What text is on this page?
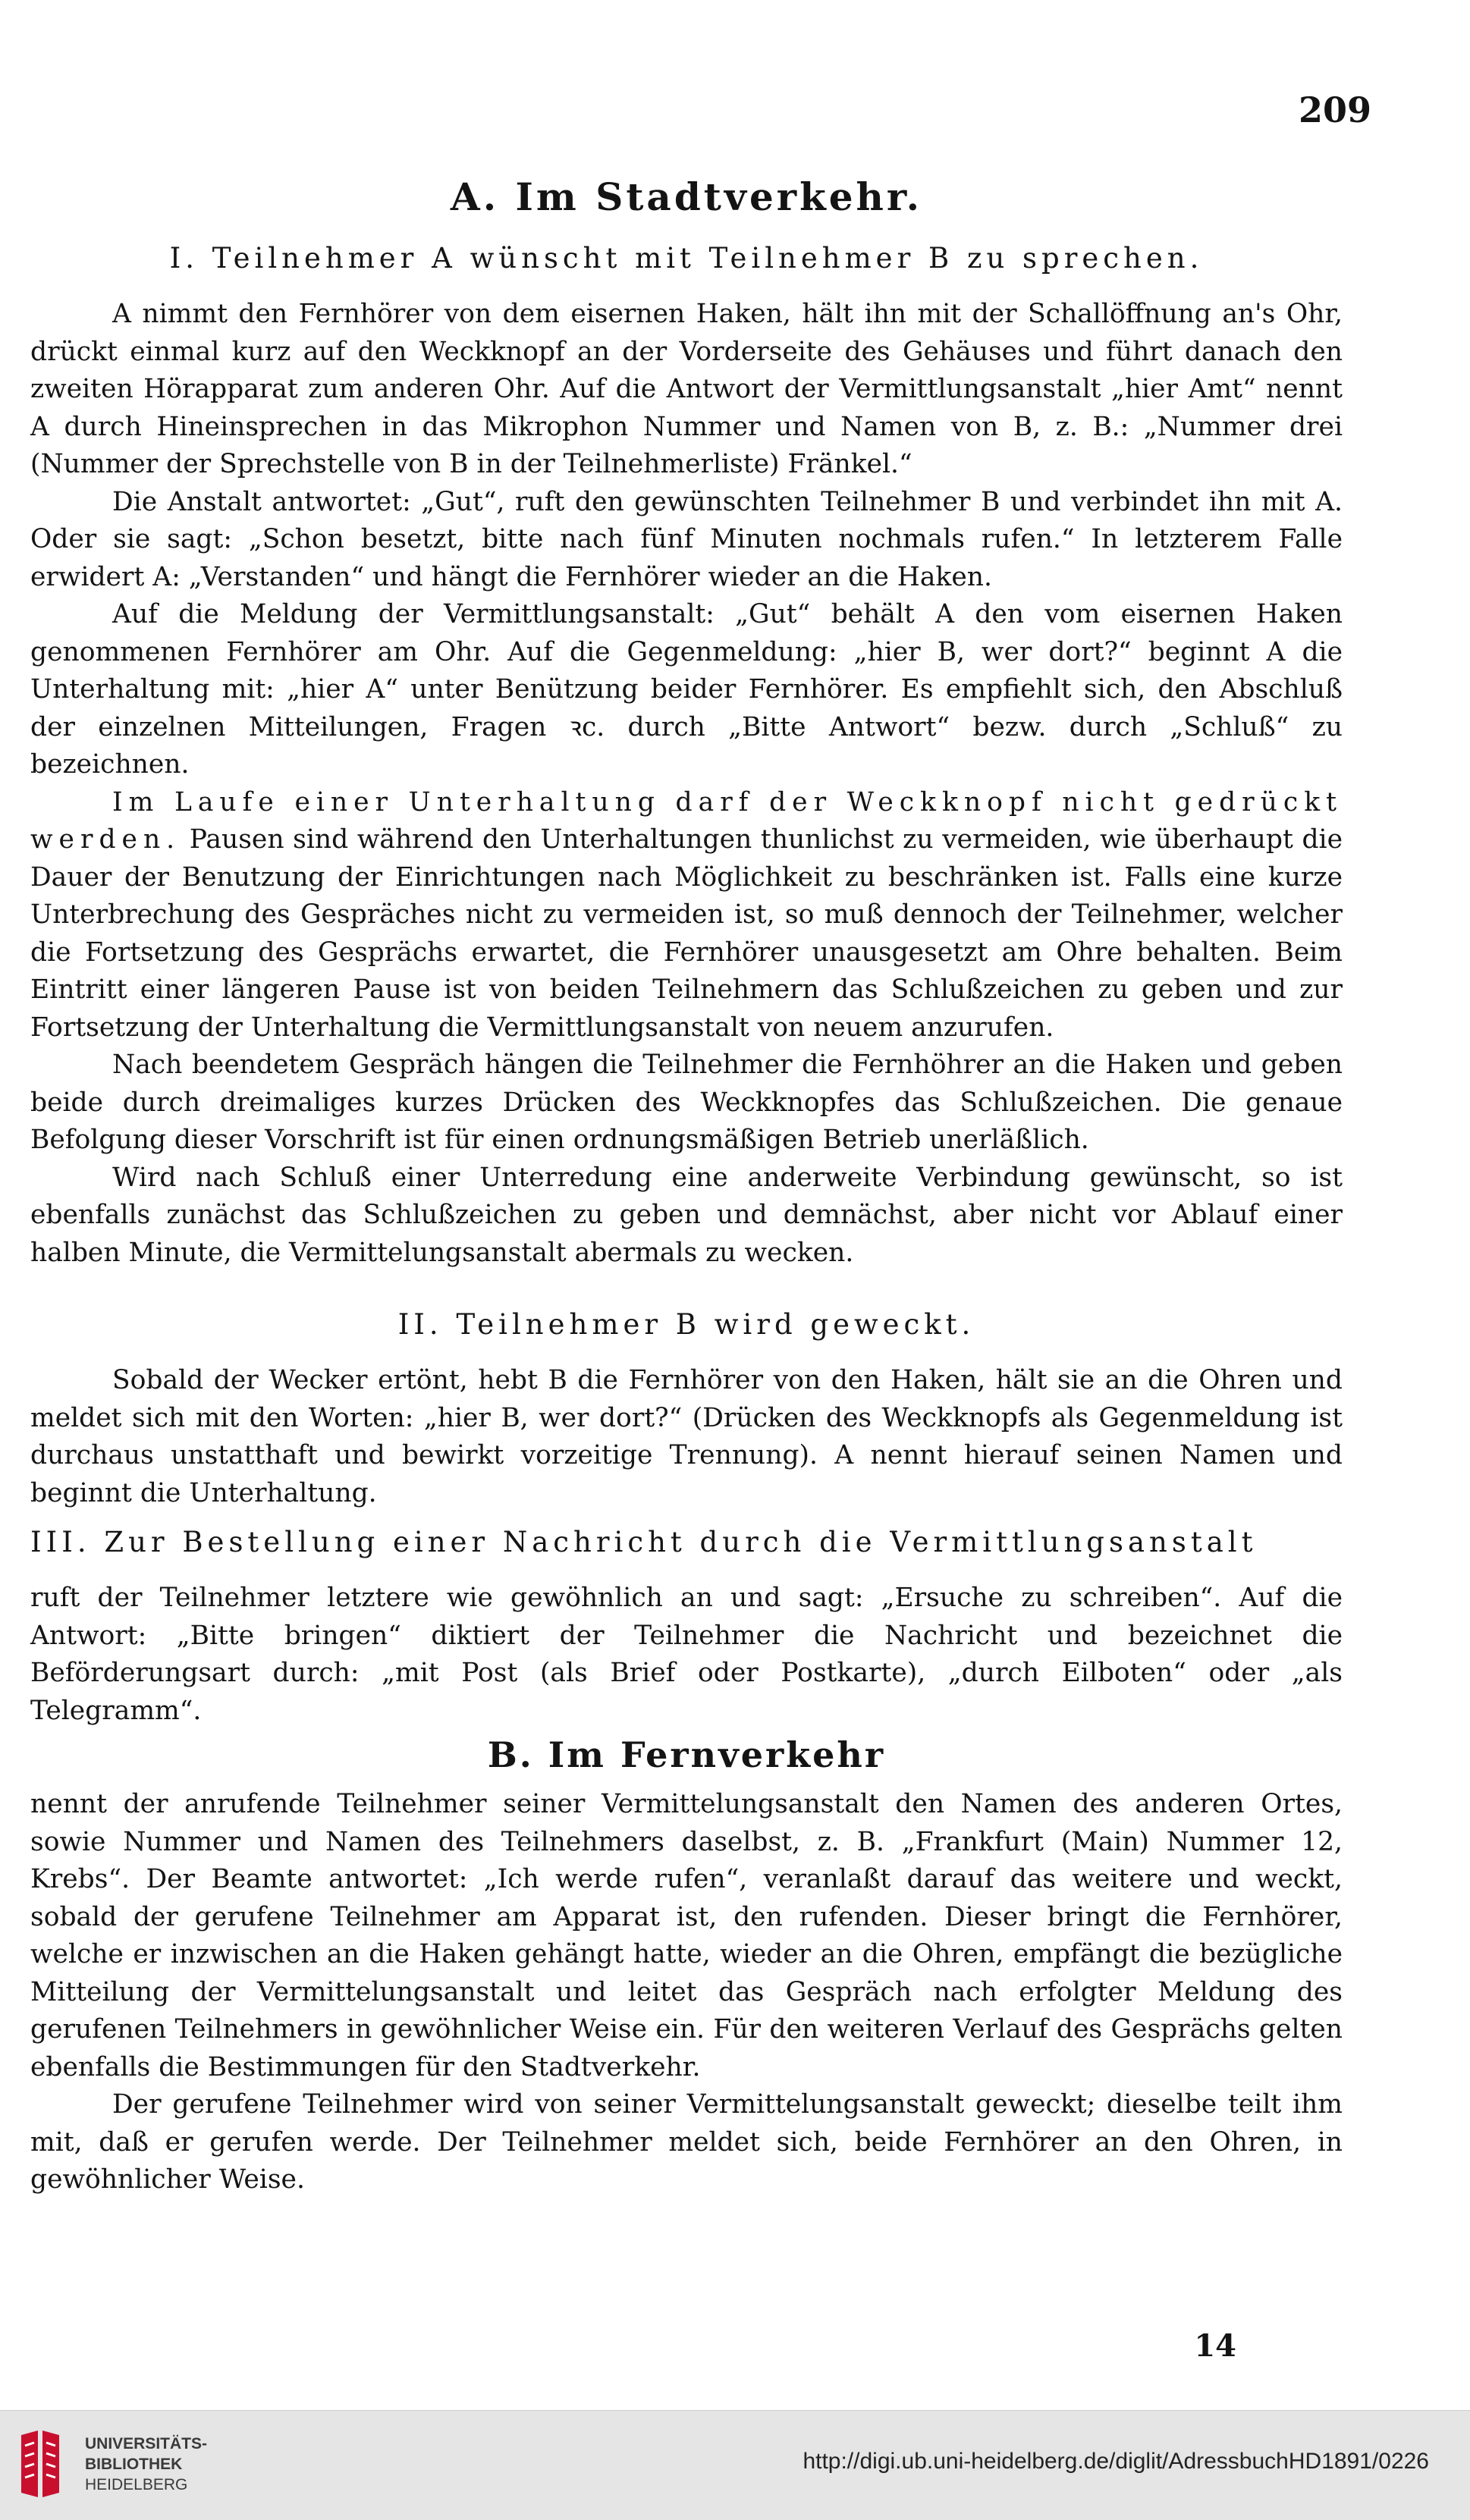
209
A. Im Stadtverkehr.
I. Teilnehmer A wünscht mit Teilnehmer B zu sprechen.

A nimmt den Fernhörer von dem eisernen Haken, hält ihn mit der Schallöffnung an's Ohr, drückt einmal kurz auf den Weckknopf an der Vorderseite des Gehäuses und führt danach den zweiten Hörapparat zum anderen Ohr. Auf die Antwort der Vermittlungsanstalt „hier Amt“ nennt A durch Hineinsprechen in das Mikrophon Nummer und Namen von B, z. B.: „Nummer drei (Nummer der Sprechstelle von B in der Teilnehmerliste) Fränkel.“

Die Anstalt antwortet: „Gut“, ruft den gewünschten Teilnehmer B und verbindet ihn mit A. Oder sie sagt: „Schon besetzt, bitte nach fünf Minuten nochmals rufen.“ In letzterem Falle erwidert A: „Verstanden“ und hängt die Fernhörer wieder an die Haken.

Auf die Meldung der Vermittlungsanstalt: „Gut“ behält A den vom eisernen Haken genommenen Fernhörer am Ohr. Auf die Gegenmeldung: „hier B, wer dort?“ beginnt A die Unterhaltung mit: „hier A“ unter Benützung beider Fernhörer. Es empfiehlt sich, den Abschluß der einzelnen Mitteilungen, Fragen ꝛc. durch „Bitte Antwort“ bezw. durch „Schluß“ zu bezeichnen.

Im Laufe einer Unterhaltung darf der Weckknopf nicht gedrückt werden. Pausen sind während den Unterhaltungen thunlichst zu vermeiden, wie überhaupt die Dauer der Benutzung der Einrichtungen nach Möglichkeit zu beschränken ist. Falls eine kurze Unterbrechung des Gespräches nicht zu vermeiden ist, so muß dennoch der Teilnehmer, welcher die Fortsetzung des Gesprächs erwartet, die Fernhörer unausgesetzt am Ohre behalten. Beim Eintritt einer längeren Pause ist von beiden Teilnehmern das Schlußzeichen zu geben und zur Fortsetzung der Unterhaltung die Vermittlungsanstalt von neuem anzurufen.

Nach beendetem Gespräch hängen die Teilnehmer die Fernhöhrer an die Haken und geben beide durch dreimaliges kurzes Drücken des Weckknopfes das Schlußzeichen. Die genaue Befolgung dieser Vorschrift ist für einen ordnungsmäßigen Betrieb unerläßlich.

Wird nach Schluß einer Unterredung eine anderweite Verbindung gewünscht, so ist ebenfalls zunächst das Schlußzeichen zu geben und demnächst, aber nicht vor Ablauf einer halben Minute, die Vermittelungsanstalt abermals zu wecken.

II. Teilnehmer B wird geweckt.

Sobald der Wecker ertönt, hebt B die Fernhörer von den Haken, hält sie an die Ohren und meldet sich mit den Worten: „hier B, wer dort?“ (Drücken des Weckknopfs als Gegenmeldung ist durchaus unstatthaft und bewirkt vorzeitige Trennung). A nennt hierauf seinen Namen und beginnt die Unterhaltung.

III. Zur Bestellung einer Nachricht durch die Vermittlungsanstalt

ruft der Teilnehmer letztere wie gewöhnlich an und sagt: „Ersuche zu schreiben“. Auf die Antwort: „Bitte bringen“ diktiert der Teilnehmer die Nachricht und bezeichnet die Beförderungsart durch: „mit Post (als Brief oder Postkarte), „durch Eilboten“ oder „als Telegramm“.

B. Im Fernverkehr

nennt der anrufende Teilnehmer seiner Vermittelungsanstalt den Namen des anderen Ortes, sowie Nummer und Namen des Teilnehmers daselbst, z. B. „Frankfurt (Main) Nummer 12, Krebs“. Der Beamte antwortet: „Ich werde rufen“, veranlaßt darauf das weitere und weckt, sobald der gerufene Teilnehmer am Apparat ist, den rufenden. Dieser bringt die Fernhörer, welche er inzwischen an die Haken gehängt hatte, wieder an die Ohren, empfängt die bezügliche Mitteilung der Vermittelungsanstalt und leitet das Gespräch nach erfolgter Meldung des gerufenen Teilnehmers in gewöhnlicher Weise ein. Für den weiteren Verlauf des Gesprächs gelten ebenfalls die Bestimmungen für den Stadtverkehr.

Der gerufene Teilnehmer wird von seiner Vermittelungsanstalt geweckt; dieselbe teilt ihm mit, daß er gerufen werde. Der Teilnehmer meldet sich, beide Fernhörer an den Ohren, in gewöhnlicher Weise.

14
UNIVERSITÄTS-
BIBLIOTHEK
HEIDELBERG
http://digi.ub.uni-heidelberg.de/diglit/AdressbuchHD1891/0226
